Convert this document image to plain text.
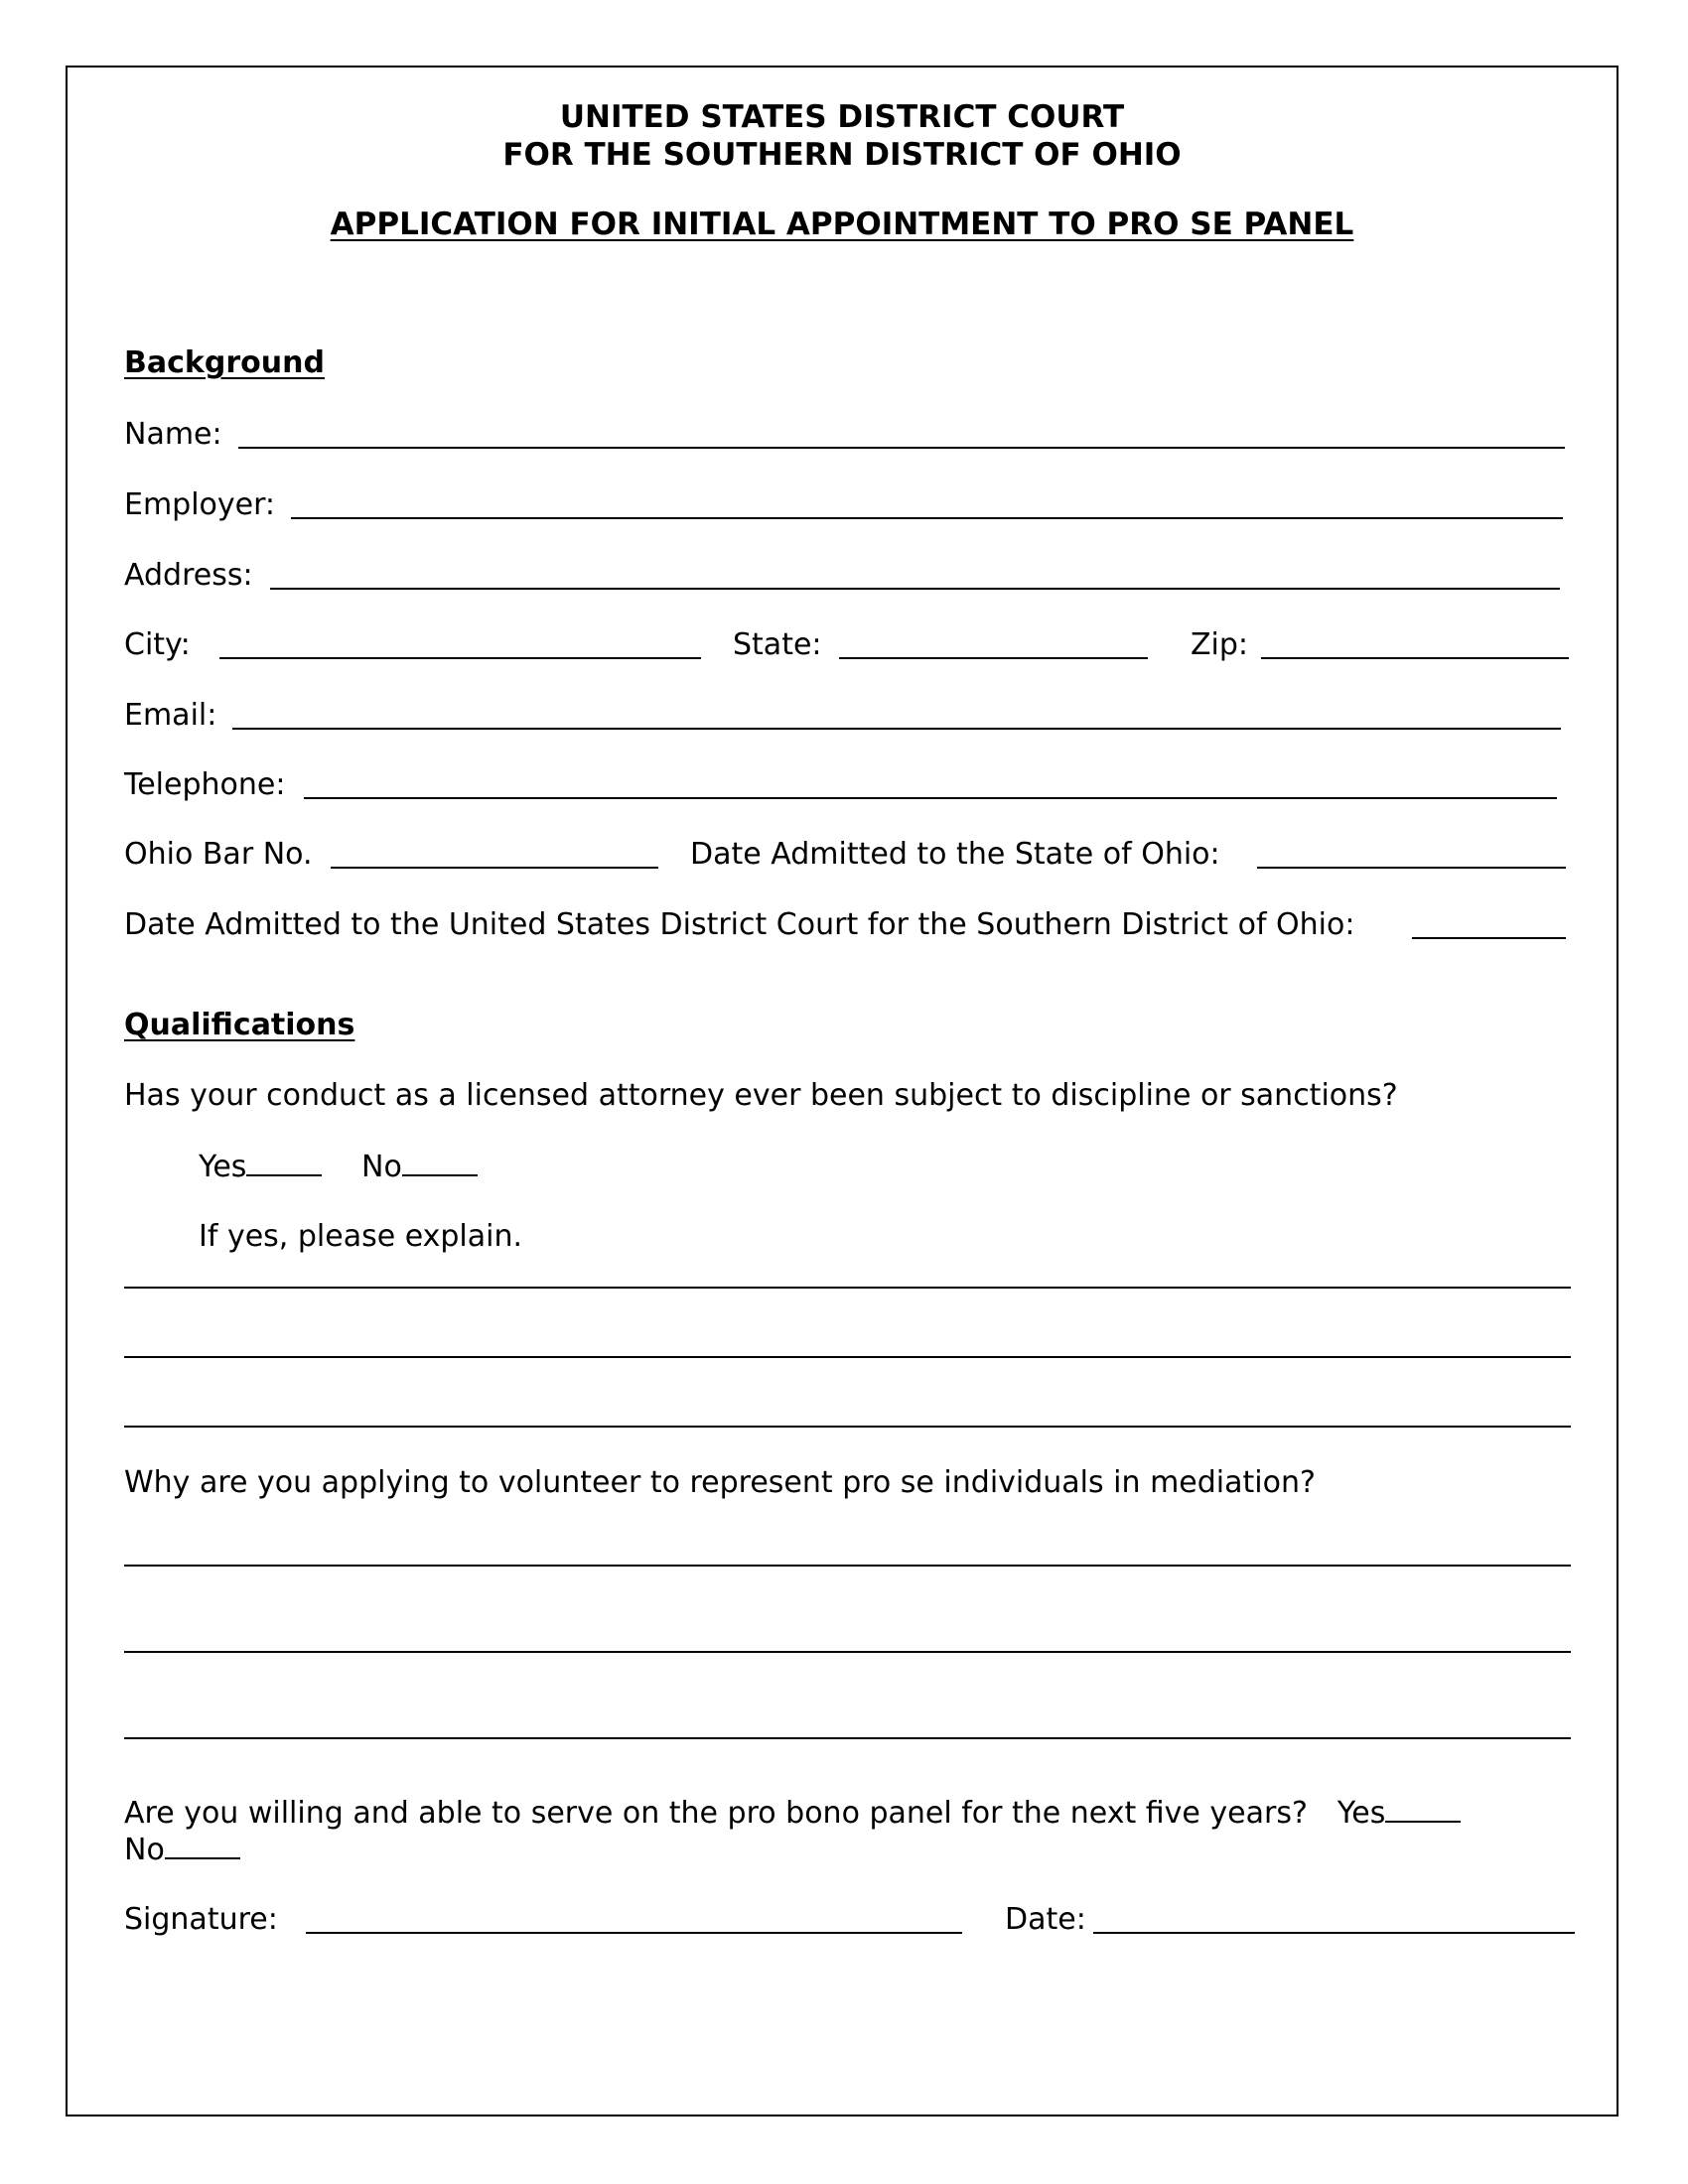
UNITED STATES DISTRICT COURT
FOR THE SOUTHERN DISTRICT OF OHIO
APPLICATION FOR INITIAL APPOINTMENT TO PRO SE PANEL
Background
Name:
Employer:
Address:
City:	State:	Zip:
Email:
Telephone:
Ohio Bar No.	Date Admitted to the State of Ohio:
Date Admitted to the United States District Court for the Southern District of Ohio:
Qualifications
Has your conduct as a licensed attorney ever been subject to discipline or sanctions?
Yes	No
If yes, please explain.
Why are you applying to volunteer to represent pro se individuals in mediation?
Are you willing and able to serve on the pro bono panel for the next five years? Yes
No
Signature:	Date:
